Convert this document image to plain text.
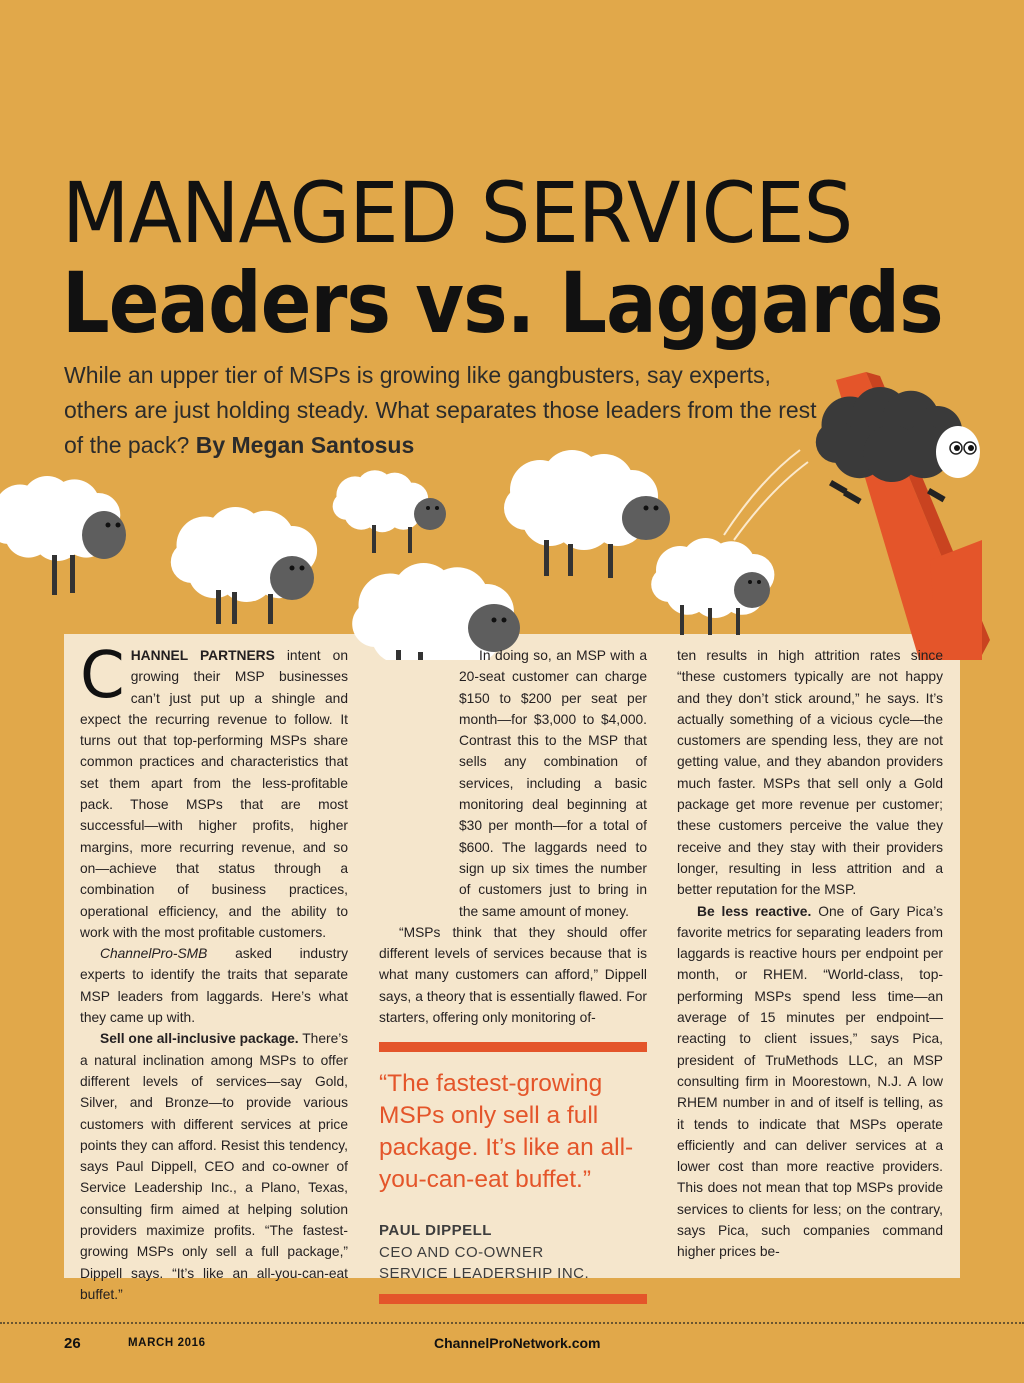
MANAGED SERVICES
Leaders vs. Laggards
While an upper tier of MSPs is growing like gangbusters, say experts, others are just holding steady. What separates those leaders from the rest of the pack? By Megan Santosus

CHANNEL PARTNERS intent on growing their MSP businesses can’t just put up a shingle and expect the recurring revenue to follow. It turns out that top-performing MSPs share common practices and characteristics that set them apart from the less-profitable pack. Those MSPs that are most successful—with higher profits, higher margins, more recurring revenue, and so on—achieve that status through a combination of business practices, operational efficiency, and the ability to work with the most profitable customers.

ChannelPro-SMB asked industry experts to identify the traits that separate MSP leaders from laggards. Here’s what they came up with.

Sell one all-inclusive package. There’s a natural inclination among MSPs to offer different levels of services—say Gold, Silver, and Bronze—to provide various customers with different services at price points they can afford. Resist this tendency, says Paul Dippell, CEO and co-owner of Service Leadership Inc., a Plano, Texas, consulting firm aimed at helping solution providers maximize profits. “The fastest-growing MSPs only sell a full package,” Dippell says. “It’s like an all-you-can-eat buffet.”

In doing so, an MSP with a 20-seat customer can charge $150 to $200 per seat per month—for $3,000 to $4,000. Contrast this to the MSP that sells any combination of services, including a basic monitoring deal beginning at $30 per month—for a total of $600. The laggards need to sign up six times the number of customers just to bring in the same amount of money.

“MSPs think that they should offer different levels of services because that is what many customers can afford,” Dippell says, a theory that is essentially flawed. For starters, offering only monitoring of-

“The fastest-growing MSPs only sell a full package. It’s like an all-you-can-eat buffet.”
PAUL DIPPELL
CEO AND CO-OWNER
SERVICE LEADERSHIP INC.

ten results in high attrition rates since “these customers typically are not happy and they don’t stick around,” he says. It’s actually something of a vicious cycle—the customers are spending less, they are not getting value, and they abandon providers much faster. MSPs that sell only a Gold package get more revenue per customer; these customers perceive the value they receive and they stay with their providers longer, resulting in less attrition and a better reputation for the MSP.

Be less reactive. One of Gary Pica’s favorite metrics for separating leaders from laggards is reactive hours per endpoint per month, or RHEM. “World-class, top-performing MSPs spend less time—an average of 15 minutes per endpoint—reacting to client issues,” says Pica, president of TruMethods LLC, an MSP consulting firm in Moorestown, N.J. A low RHEM number in and of itself is telling, as it tends to indicate that MSPs operate efficiently and can deliver services at a lower cost than more reactive providers. This does not mean that top MSPs provide services to clients for less; on the contrary, says Pica, such companies command higher prices be-

26	MARCH 2016	ChannelProNetwork.com
